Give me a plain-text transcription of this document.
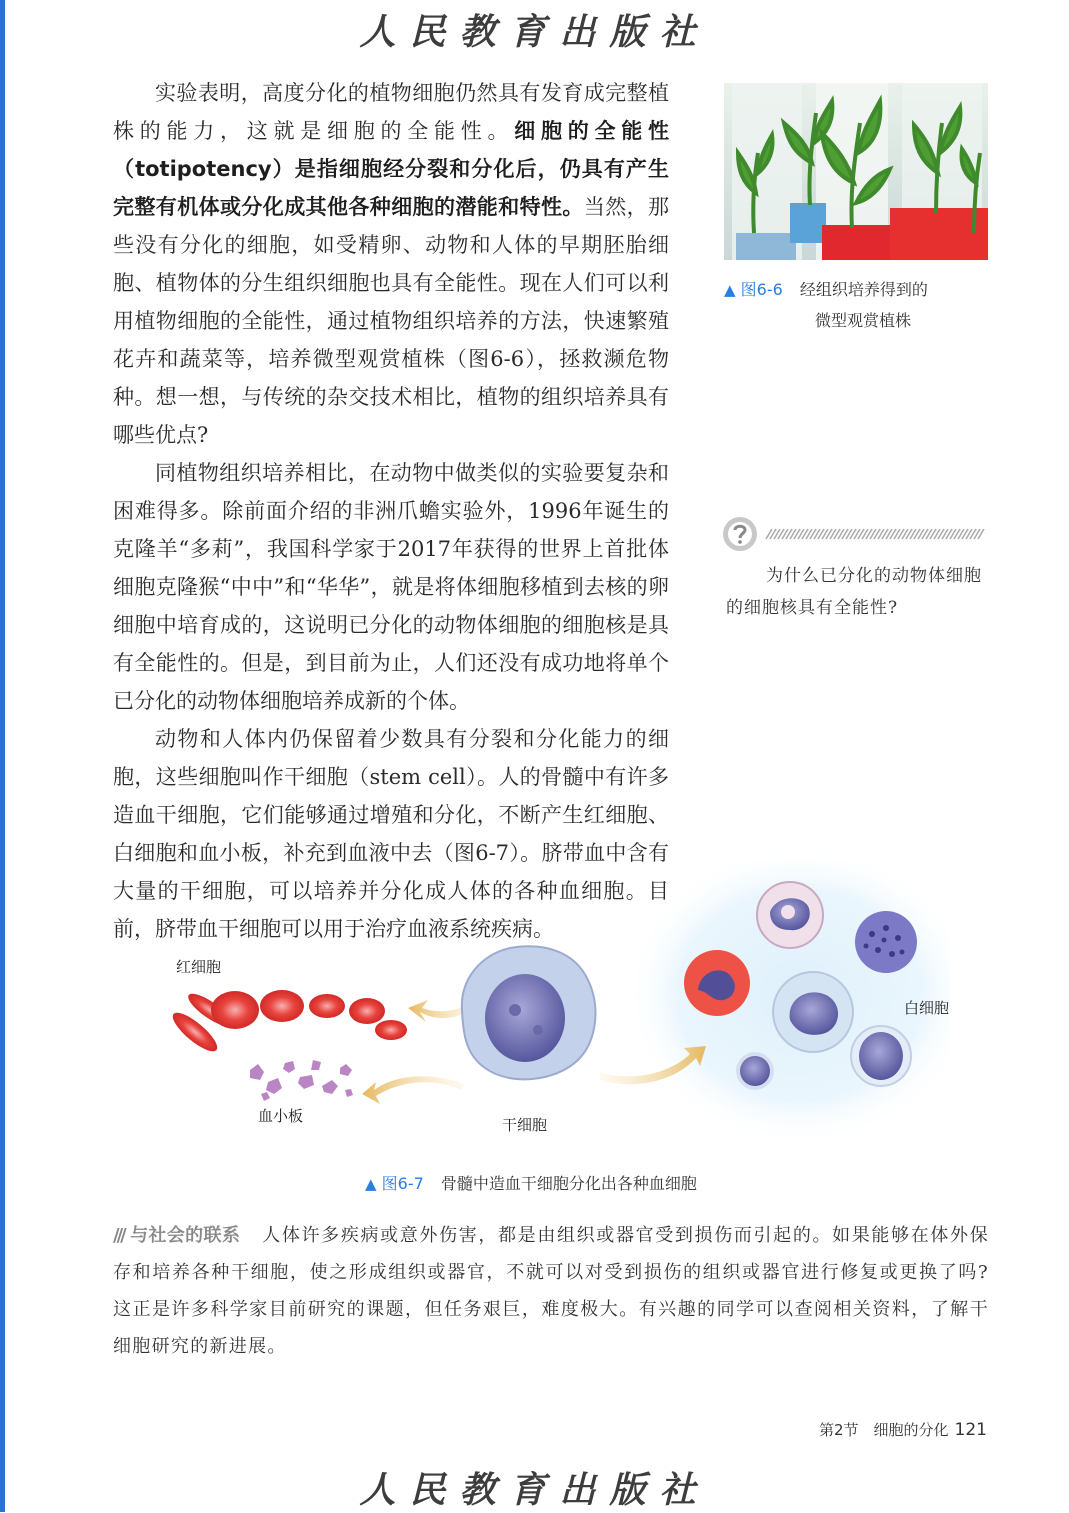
人民教育出版社

实验表明，高度分化的植物细胞仍然具有发育成完整植株的能力，这就是细胞的全能性。细胞的全能性（totipotency）是指细胞经分裂和分化后，仍具有产生完整有机体或分化成其他各种细胞的潜能和特性。当然，那些没有分化的细胞，如受精卵、动物和人体的早期胚胎细胞、植物体的分生组织细胞也具有全能性。现在人们可以利用植物细胞的全能性，通过植物组织培养的方法，快速繁殖花卉和蔬菜等，培养微型观赏植株（图6-6），拯救濒危物种。想一想，与传统的杂交技术相比，植物的组织培养具有哪些优点?

同植物组织培养相比，在动物中做类似的实验要复杂和困难得多。除前面介绍的非洲爪蟾实验外，1996年诞生的克隆羊“多莉”，我国科学家于2017年获得的世界上首批体细胞克隆猴“中中”和“华华”，就是将体细胞移植到去核的卵细胞中培育成的，这说明已分化的动物体细胞的细胞核是具有全能性的。但是，到目前为止，人们还没有成功地将单个已分化的动物体细胞培养成新的个体。

动物和人体内仍保留着少数具有分裂和分化能力的细胞，这些细胞叫作干细胞（stem cell）。人的骨髓中有许多造血干细胞，它们能够通过增殖和分化，不断产生红细胞、白细胞和血小板，补充到血液中去（图6-7）。脐带血中含有大量的干细胞，可以培养并分化成人体的各种血细胞。目前，脐带血干细胞可以用于治疗血液系统疾病。

▲ 图6-6 经组织培养得到的
微型观赏植株
为什么已分化的动物体细胞的细胞核具有全能性?
红细胞
血小板	干细胞
白细胞
▲ 图6-7 骨髓中造血干细胞分化出各种血细胞
/// 与社会的联系 人体许多疾病或意外伤害，都是由组织或器官受到损伤而引起的。如果能够在体外保存和培养各种干细胞，使之形成组织或器官，不就可以对受到损伤的组织或器官进行修复或更换了吗?这正是许多科学家目前研究的课题，但任务艰巨，难度极大。有兴趣的同学可以查阅相关资料，了解干细胞研究的新进展。
第2节　细胞的分化 121
人民教育出版社
